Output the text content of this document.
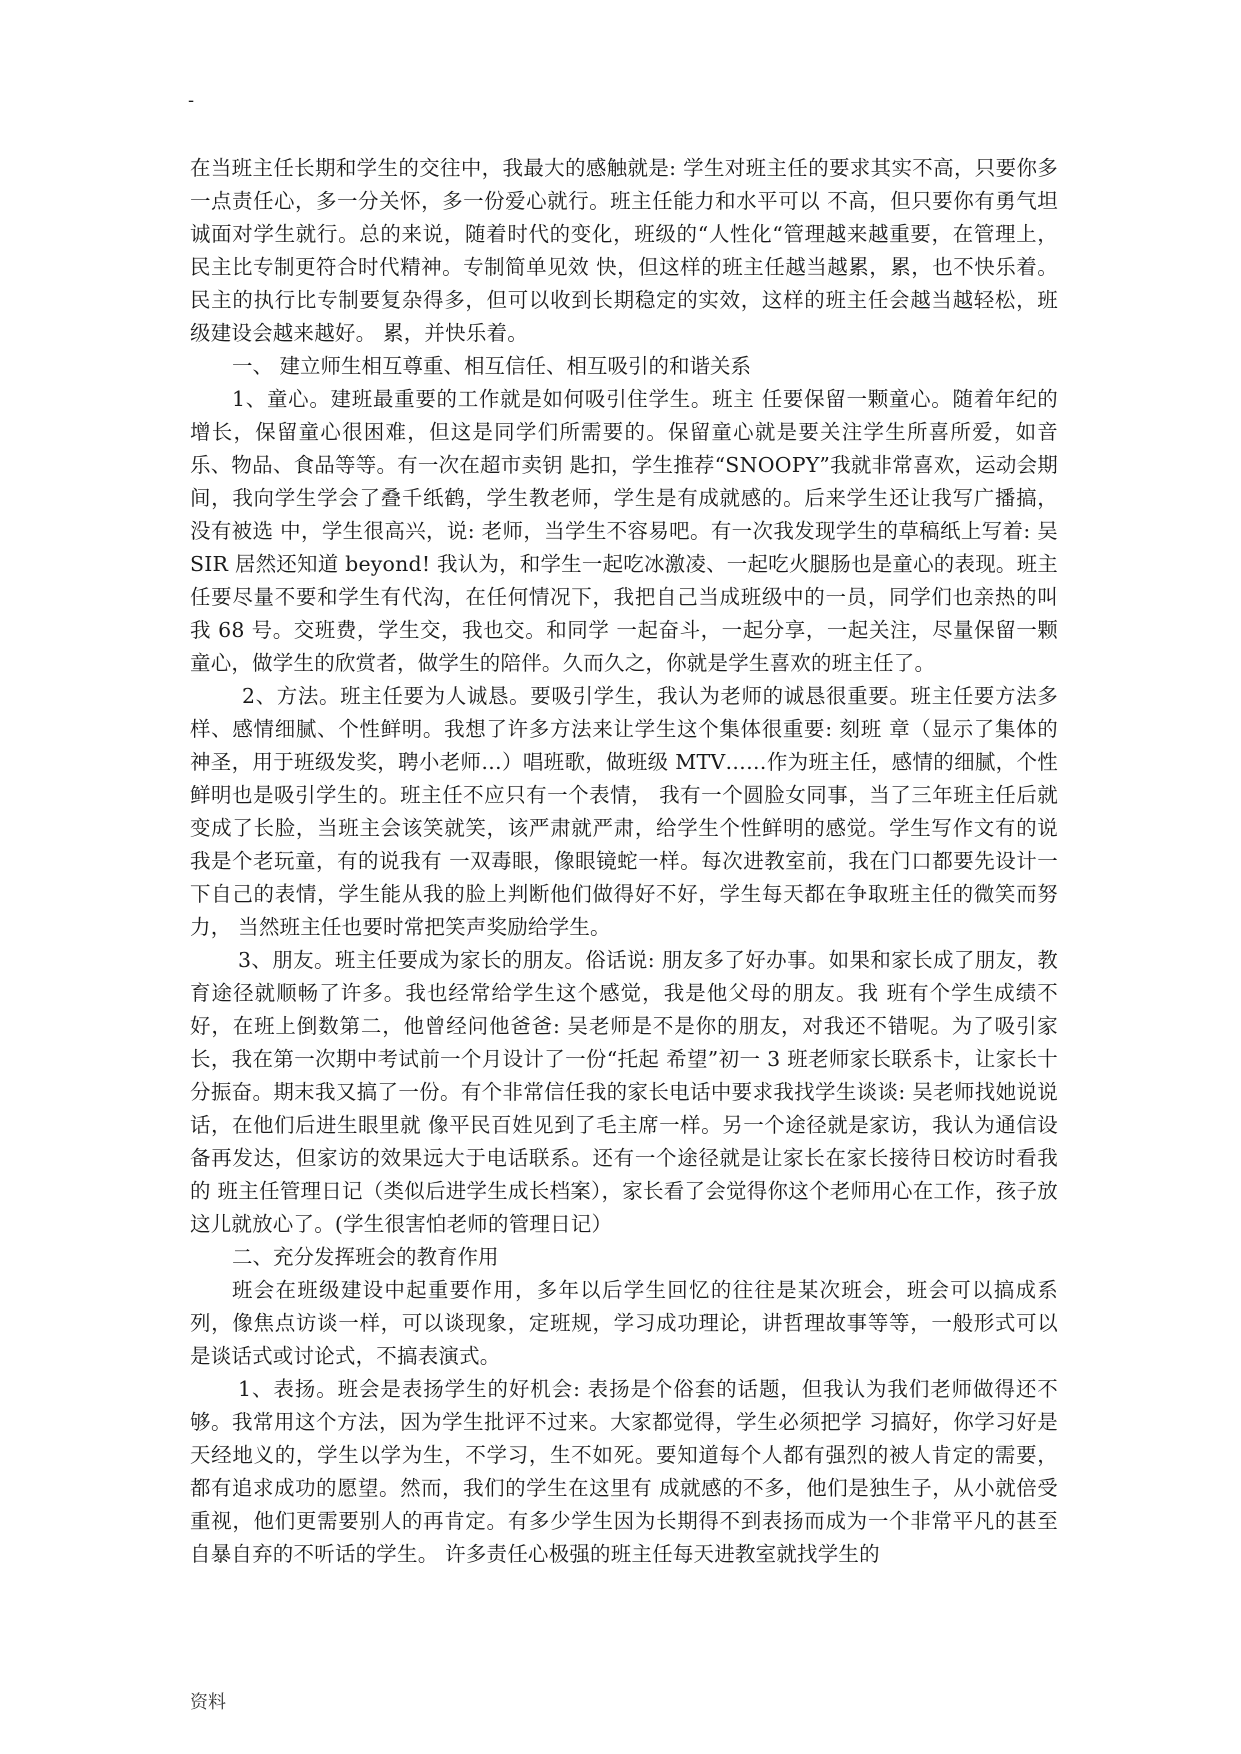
-

在当班主任长期和学生的交往中，我最大的感触就是: 学生对班主任的要求其实不高，只要你多一点责任心，多一分关怀，多一份爱心就行。班主任能力和水平可以 不高，但只要你有勇气坦诚面对学生就行。总的来说，随着时代的变化，班级的“人性化“管理越来越重要，在管理上，民主比专制更符合时代精神。专制简单见效 快，但这样的班主任越当越累，累，也不快乐着。民主的执行比专制要复杂得多，但可以收到长期稳定的实效，这样的班主任会越当越轻松，班级建设会越来越好。 累，并快乐着。

一、 建立师生相互尊重、相互信任、相互吸引的和谐关系

1、童心。建班最重要的工作就是如何吸引住学生。班主 任要保留一颗童心。随着年纪的增长，保留童心很困难，但这是同学们所需要的。保留童心就是要关注学生所喜所爱，如音乐、物品、食品等等。有一次在超市卖钥 匙扣，学生推荐“SNOOPY”我就非常喜欢，运动会期间，我向学生学会了叠千纸鹤，学生教老师，学生是有成就感的。后来学生还让我写广播搞，没有被选 中，学生很高兴，说: 老师，当学生不容易吧。有一次我发现学生的草稿纸上写着: 吴 SIR 居然还知道 beyond! 我认为，和学生一起吃冰激凌、一起吃火腿肠也是童心的表现。班主任要尽量不要和学生有代沟，在任何情况下，我把自己当成班级中的一员，同学们也亲热的叫我 68 号。交班费，学生交，我也交。和同学 一起奋斗，一起分享，一起关注，尽量保留一颗童心，做学生的欣赏者，做学生的陪伴。久而久之，你就是学生喜欢的班主任了。

2、方法。班主任要为人诚恳。要吸引学生，我认为老师的诚恳很重要。班主任要方法多样、感情细腻、个性鲜明。我想了许多方法来让学生这个集体很重要: 刻班 章（显示了集体的神圣，用于班级发奖，聘小老师…）唱班歌，做班级 MTV……作为班主任，感情的细腻，个性鲜明也是吸引学生的。班主任不应只有一个表情， 我有一个圆脸女同事，当了三年班主任后就变成了长脸，当班主会该笑就笑，该严肃就严肃，给学生个性鲜明的感觉。学生写作文有的说我是个老玩童，有的说我有 一双毒眼，像眼镜蛇一样。每次进教室前，我在门口都要先设计一下自己的表情，学生能从我的脸上判断他们做得好不好，学生每天都在争取班主任的微笑而努力， 当然班主任也要时常把笑声奖励给学生。

3、朋友。班主任要成为家长的朋友。俗话说: 朋友多了好办事。如果和家长成了朋友，教育途径就顺畅了许多。我也经常给学生这个感觉，我是他父母的朋友。我 班有个学生成绩不好，在班上倒数第二，他曾经问他爸爸: 吴老师是不是你的朋友，对我还不错呢。为了吸引家长，我在第一次期中考试前一个月设计了一份“托起 希望”初一 3 班老师家长联系卡，让家长十分振奋。期末我又搞了一份。有个非常信任我的家长电话中要求我找学生谈谈: 吴老师找她说说话，在他们后进生眼里就 像平民百姓见到了毛主席一样。另一个途径就是家访，我认为通信设备再发达，但家访的效果远大于电话联系。还有一个途径就是让家长在家长接待日校访时看我的 班主任管理日记（类似后进学生成长档案），家长看了会觉得你这个老师用心在工作，孩子放这儿就放心了。(学生很害怕老师的管理日记）

二、充分发挥班会的教育作用

班会在班级建设中起重要作用，多年以后学生回忆的往往是某次班会，班会可以搞成系列，像焦点访谈一样，可以谈现象，定班规，学习成功理论，讲哲理故事等等，一般形式可以是谈话式或讨论式，不搞表演式。

1、表扬。班会是表扬学生的好机会: 表扬是个俗套的话题，但我认为我们老师做得还不够。我常用这个方法，因为学生批评不过来。大家都觉得，学生必须把学 习搞好，你学习好是天经地义的，学生以学为生，不学习，生不如死。要知道每个人都有强烈的被人肯定的需要，都有追求成功的愿望。然而，我们的学生在这里有 成就感的不多，他们是独生子，从小就倍受重视，他们更需要别人的再肯定。有多少学生因为长期得不到表扬而成为一个非常平凡的甚至自暴自弃的不听话的学生。 许多责任心极强的班主任每天进教室就找学生的

资料
